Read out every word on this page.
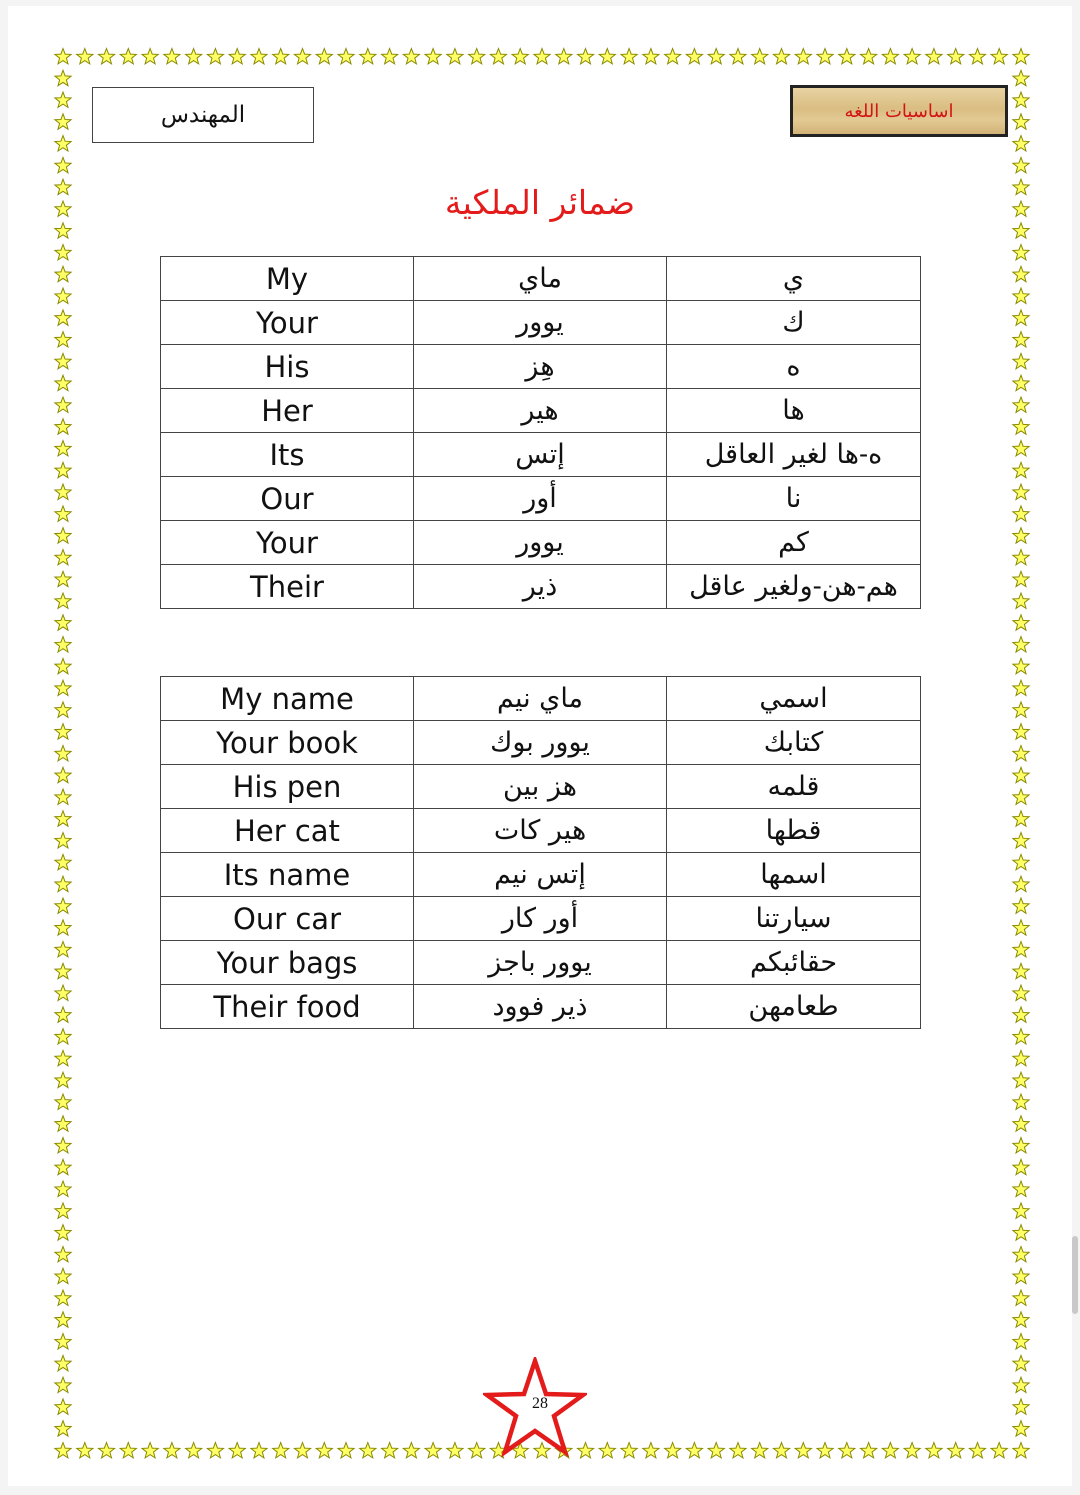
المهندس	اساسيات اللغه
ضمائر الملكية
My	ماي	ي
Your	يوور	ك
His	هِز	ه
Her	هير	ها
Its	إتس	ه-ها لغير العاقل
Our	أور	نا
Your	يوور	كم
Their	ذير	هم-هن-ولغير عاقل
My name	ماي نيم	اسمي
Your book	يوور بوك	كتابك
His pen	هز بين	قلمه
Her cat	هير كات	قطها
Its name	إتس نيم	اسمها
Our car	أور كار	سيارتنا
Your bags	يوور باجز	حقائبكم
Their food	ذير فوود	طعامهن
28
